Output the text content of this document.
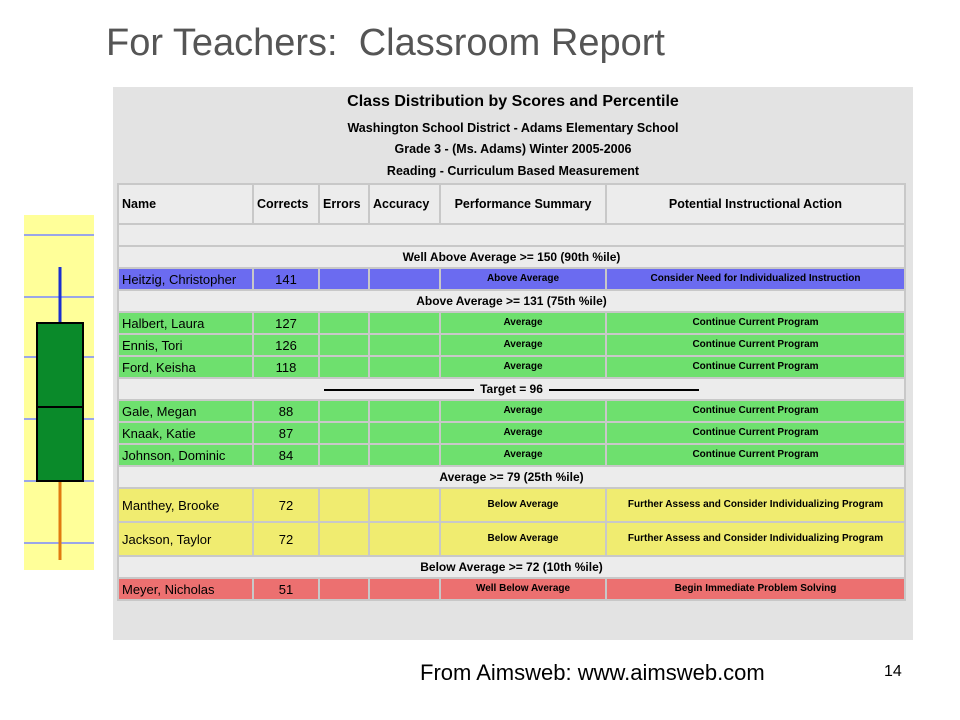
For Teachers:  Classroom Report
Class Distribution by Scores and Percentile
Washington School District - Adams Elementary School
Grade 3 - (Ms. Adams) Winter 2005-2006
Reading - Curriculum Based Measurement
Name	Corrects	Errors	Accuracy	Performance Summary	Potential Instructional Action

Well Above Average >= 150 (90th %ile)					
Heitzig, Christopher	141			Above Average	Consider Need for Individualized Instruction
Above Average >= 131 (75th %ile)					
Halbert, Laura	127			Average	Continue Current Program
Ennis, Tori	126			Average	Continue Current Program
Ford, Keisha	118			Average	Continue Current Program
Target = 96					
Gale, Megan	88			Average	Continue Current Program
Knaak, Katie	87			Average	Continue Current Program
Johnson, Dominic	84			Average	Continue Current Program
Average >= 79 (25th %ile)					
Manthey, Brooke	72			Below Average	Further Assess and Consider Individualizing Program
Jackson, Taylor	72			Below Average	Further Assess and Consider Individualizing Program
Below Average >= 72 (10th %ile)					
Meyer, Nicholas	51			Well Below Average	Begin Immediate Problem Solving
From Aimsweb: www.aimsweb.com	14
